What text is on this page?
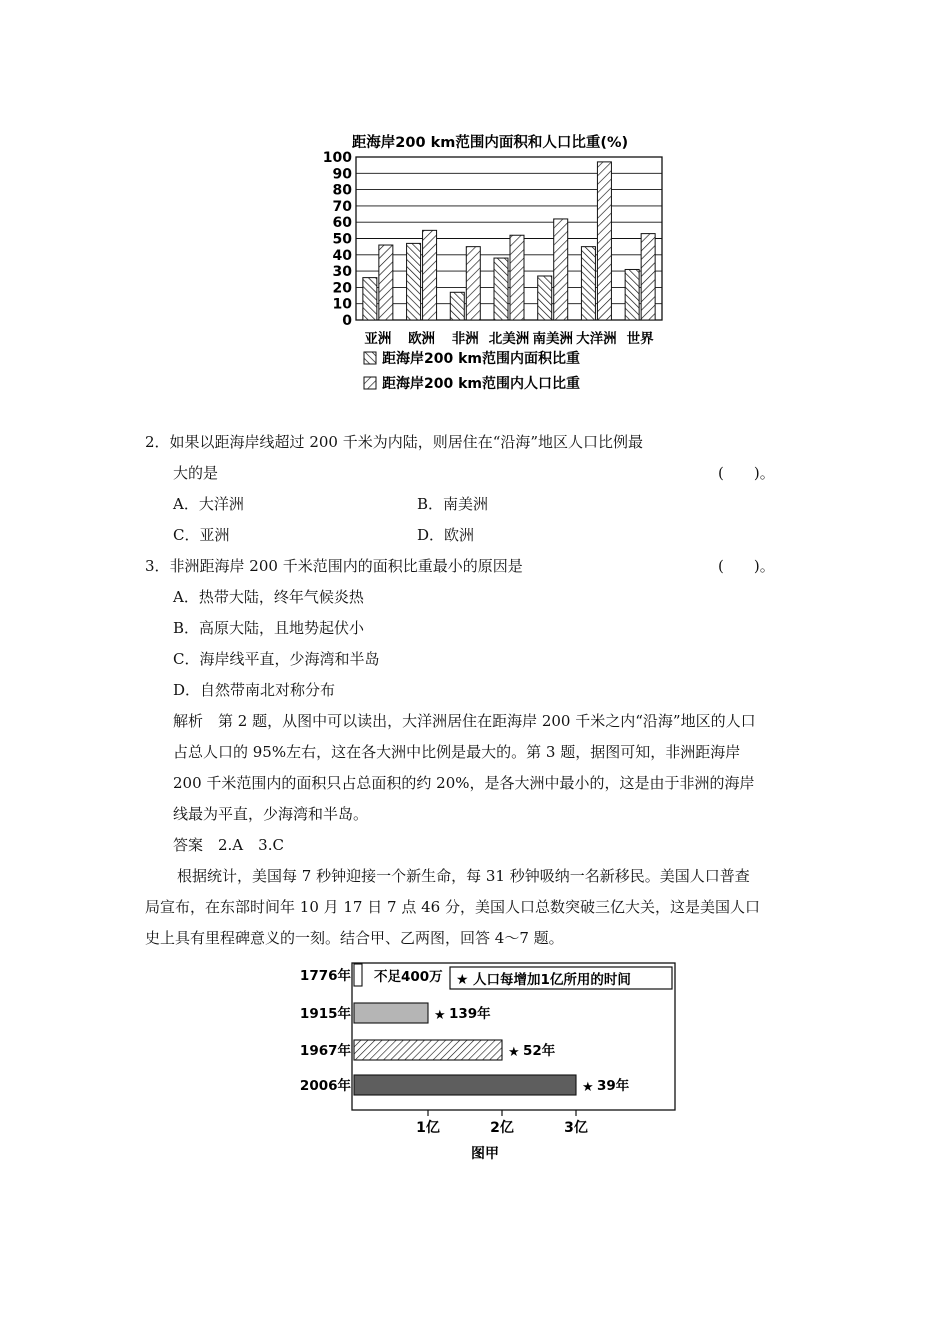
距海岸200 km范围内面积和人口比重(%)
0
10
20
30
40
50
60
70
80
90
100
亚洲 欧洲 非洲 北美洲 南美洲 大洋洲 世界
距海岸200 km范围内面积比重
距海岸200 km范围内人口比重
2．如果以距海岸线超过 200 千米为内陆，则居住在“沿海”地区人口比例最
大的是	(　　)。
A．大洋洲	B．南美洲
C．亚洲	D．欧洲
3．非洲距海岸 200 千米范围内的面积比重最小的原因是	(　　)。
A．热带大陆，终年气候炎热
B．高原大陆，且地势起伏小
C．海岸线平直，少海湾和半岛
D．自然带南北对称分布
解析　第 2 题，从图中可以读出，大洋洲居住在距海岸 200 千米之内“沿海”地区的人口
占总人口的 95%左右，这在各大洲中比例是最大的。第 3 题，据图可知，非洲距海岸
200 千米范围内的面积只占总面积的约 20%，是各大洲中最小的，这是由于非洲的海岸
线最为平直，少海湾和半岛。
答案　2.A　3.C
根据统计，美国每 7 秒钟迎接一个新生命，每 31 秒钟吸纳一名新移民。美国人口普查
局宣布，在东部时间年 10 月 17 日 7 点 46 分，美国人口总数突破三亿大关，这是美国人口
史上具有里程碑意义的一刻。结合甲、乙两图，回答 4～7 题。
★ 人口每增加1亿所用的时间
1776年 不足400万
1915年	★ 139年
1967年	★ 52年
2006年	★ 39年
1亿	2亿	3亿
图甲
